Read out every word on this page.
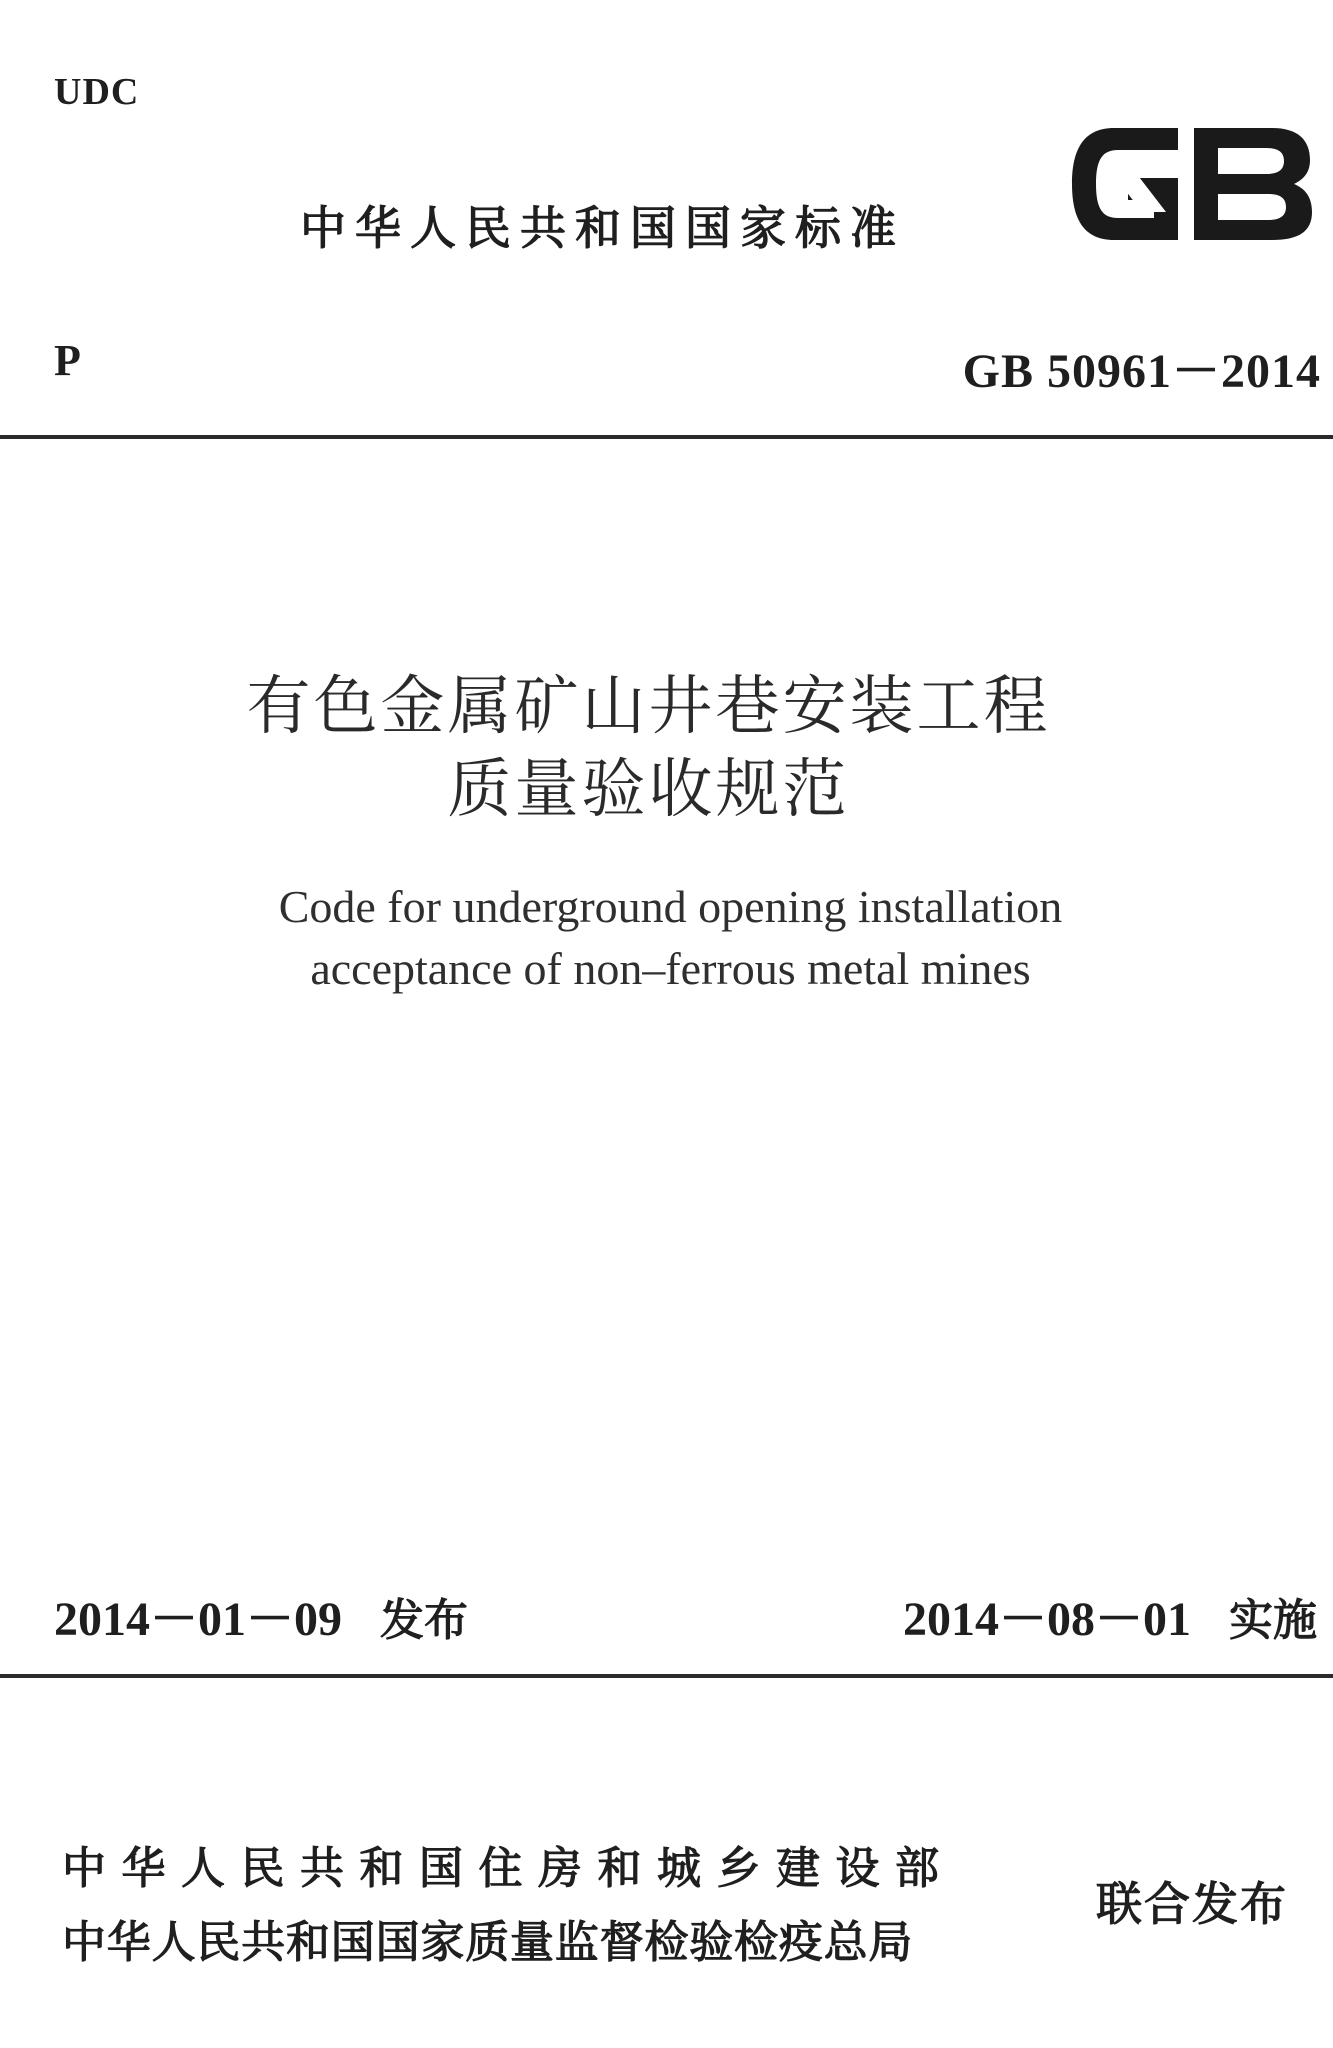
UDC
中华人民共和国国家标准
P	GB 50961－2014
有色金属矿山井巷安装工程
质量验收规范
Code for underground opening installation
acceptance of non–ferrous metal mines
2014－01－09 发布	2014－08－01 实施
中华人民共和国住房和城乡建设部
中华人民共和国国家质量监督检验检疫总局
联合发布
